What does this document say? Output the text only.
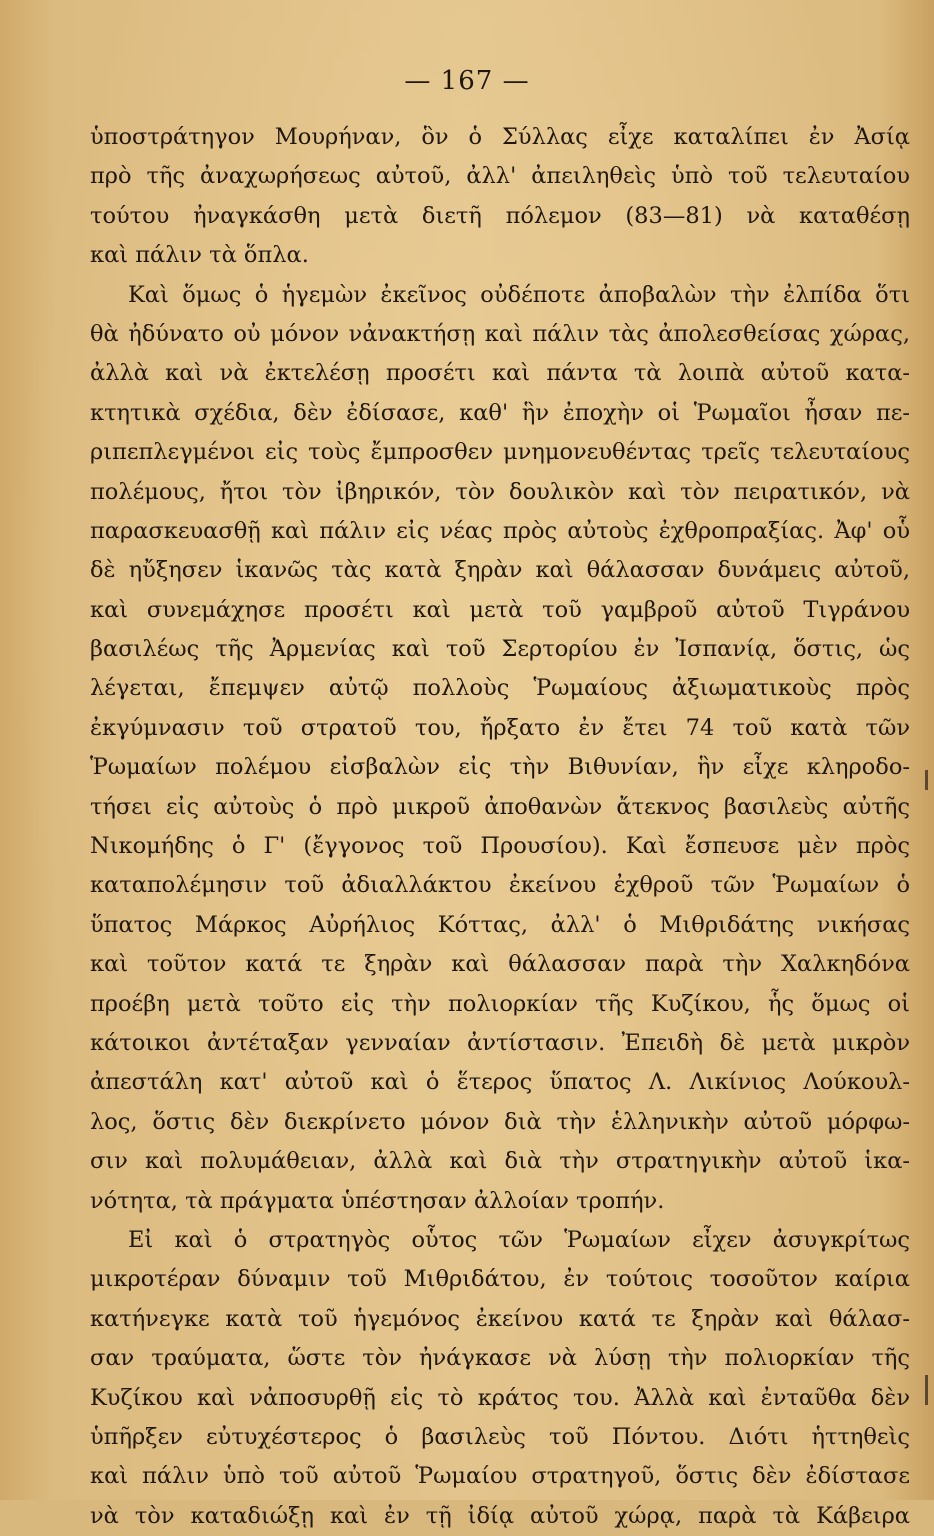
— 167 —
ὑποστράτηγον Μουρήναν, ὃν ὁ Σύλλας εἶχε καταλίπει ἐν Ἀσίᾳ
πρὸ τῆς ἀναχωρήσεως αὐτοῦ, ἀλλ' ἀπειληθεὶς ὑπὸ τοῦ τελευταίου
τούτου ἠναγκάσθη μετὰ διετῆ πόλεμον (83—81) νὰ καταθέσῃ
καὶ πάλιν τὰ ὅπλα.
Καὶ ὅμως ὁ ἡγεμὼν ἐκεῖνος οὐδέποτε ἀποβαλὼν τὴν ἐλπίδα ὅτι
θὰ ἠδύνατο οὐ μόνον νἀνακτήσῃ καὶ πάλιν τὰς ἀπολεσθείσας χώρας,
ἀλλὰ καὶ νὰ ἐκτελέσῃ προσέτι καὶ πάντα τὰ λοιπὰ αὐτοῦ κατα-
κτητικὰ σχέδια, δὲν ἐδίσασε, καθ' ἣν ἐποχὴν οἱ Ῥωμαῖοι ἦσαν πε-
ριπεπλεγμένοι εἰς τοὺς ἔμπροσθεν μνημονευθέντας τρεῖς τελευταίους
πολέμους, ἤτοι τὸν ἰβηρικόν, τὸν δουλικὸν καὶ τὸν πειρατικόν, νὰ
παρασκευασθῇ καὶ πάλιν εἰς νέας πρὸς αὐτοὺς ἐχθροπραξίας. Ἀφ' οὗ
δὲ ηὔξησεν ἱκανῶς τὰς κατὰ ξηρὰν καὶ θάλασσαν δυνάμεις αὐτοῦ,
καὶ συνεμάχησε προσέτι καὶ μετὰ τοῦ γαμβροῦ αὐτοῦ Τιγράνου
βασιλέως τῆς Ἀρμενίας καὶ τοῦ Σερτορίου ἐν Ἰσπανίᾳ, ὅστις, ὡς
λέγεται, ἔπεμψεν αὐτῷ πολλοὺς Ῥωμαίους ἀξιωματικοὺς πρὸς
ἐκγύμνασιν τοῦ στρατοῦ του, ἤρξατο ἐν ἔτει 74 τοῦ κατὰ τῶν
Ῥωμαίων πολέμου εἰσβαλὼν εἰς τὴν Βιθυνίαν, ἣν εἶχε κληροδο-
τήσει εἰς αὐτοὺς ὁ πρὸ μικροῦ ἀποθανὼν ἄτεκνος βασιλεὺς αὐτῆς
Νικομήδης ὁ Γ' (ἔγγονος τοῦ Προυσίου). Καὶ ἔσπευσε μὲν πρὸς
καταπολέμησιν τοῦ ἀδιαλλάκτου ἐκείνου ἐχθροῦ τῶν Ῥωμαίων ὁ
ὕπατος Μάρκος Αὐρήλιος Κόττας, ἀλλ' ὁ Μιθριδάτης νικήσας
καὶ τοῦτον κατά τε ξηρὰν καὶ θάλασσαν παρὰ τὴν Χαλκηδόνα
προέβη μετὰ τοῦτο εἰς τὴν πολιορκίαν τῆς Κυζίκου, ἧς ὅμως οἱ
κάτοικοι ἀντέταξαν γενναίαν ἀντίστασιν. Ἐπειδὴ δὲ μετὰ μικρὸν
ἀπεστάλη κατ' αὐτοῦ καὶ ὁ ἕτερος ὕπατος Λ. Λικίνιος Λούκουλ-
λος, ὅστις δὲν διεκρίνετο μόνον διὰ τὴν ἑλληνικὴν αὐτοῦ μόρφω-
σιν καὶ πολυμάθειαν, ἀλλὰ καὶ διὰ τὴν στρατηγικὴν αὐτοῦ ἱκα-
νότητα, τὰ πράγματα ὑπέστησαν ἀλλοίαν τροπήν.
Εἰ καὶ ὁ στρατηγὸς οὗτος τῶν Ῥωμαίων εἶχεν ἀσυγκρίτως
μικροτέραν δύναμιν τοῦ Μιθριδάτου, ἐν τούτοις τοσοῦτον καίρια
κατήνεγκε κατὰ τοῦ ἡγεμόνος ἐκείνου κατά τε ξηρὰν καὶ θάλασ-
σαν τραύματα, ὥστε τὸν ἠνάγκασε νὰ λύσῃ τὴν πολιορκίαν τῆς
Κυζίκου καὶ νἀποσυρθῇ εἰς τὸ κράτος του. Ἀλλὰ καὶ ἐνταῦθα δὲν
ὑπῆρξεν εὐτυχέστερος ὁ βασιλεὺς τοῦ Πόντου. Διότι ἡττηθεὶς
καὶ πάλιν ὑπὸ τοῦ αὐτοῦ Ῥωμαίου στρατηγοῦ, ὅστις δὲν ἐδίστασε
νὰ τὸν καταδιώξῃ καὶ ἐν τῇ ἰδίᾳ αὐτοῦ χώρᾳ, παρὰ τὰ Κάβειρα
